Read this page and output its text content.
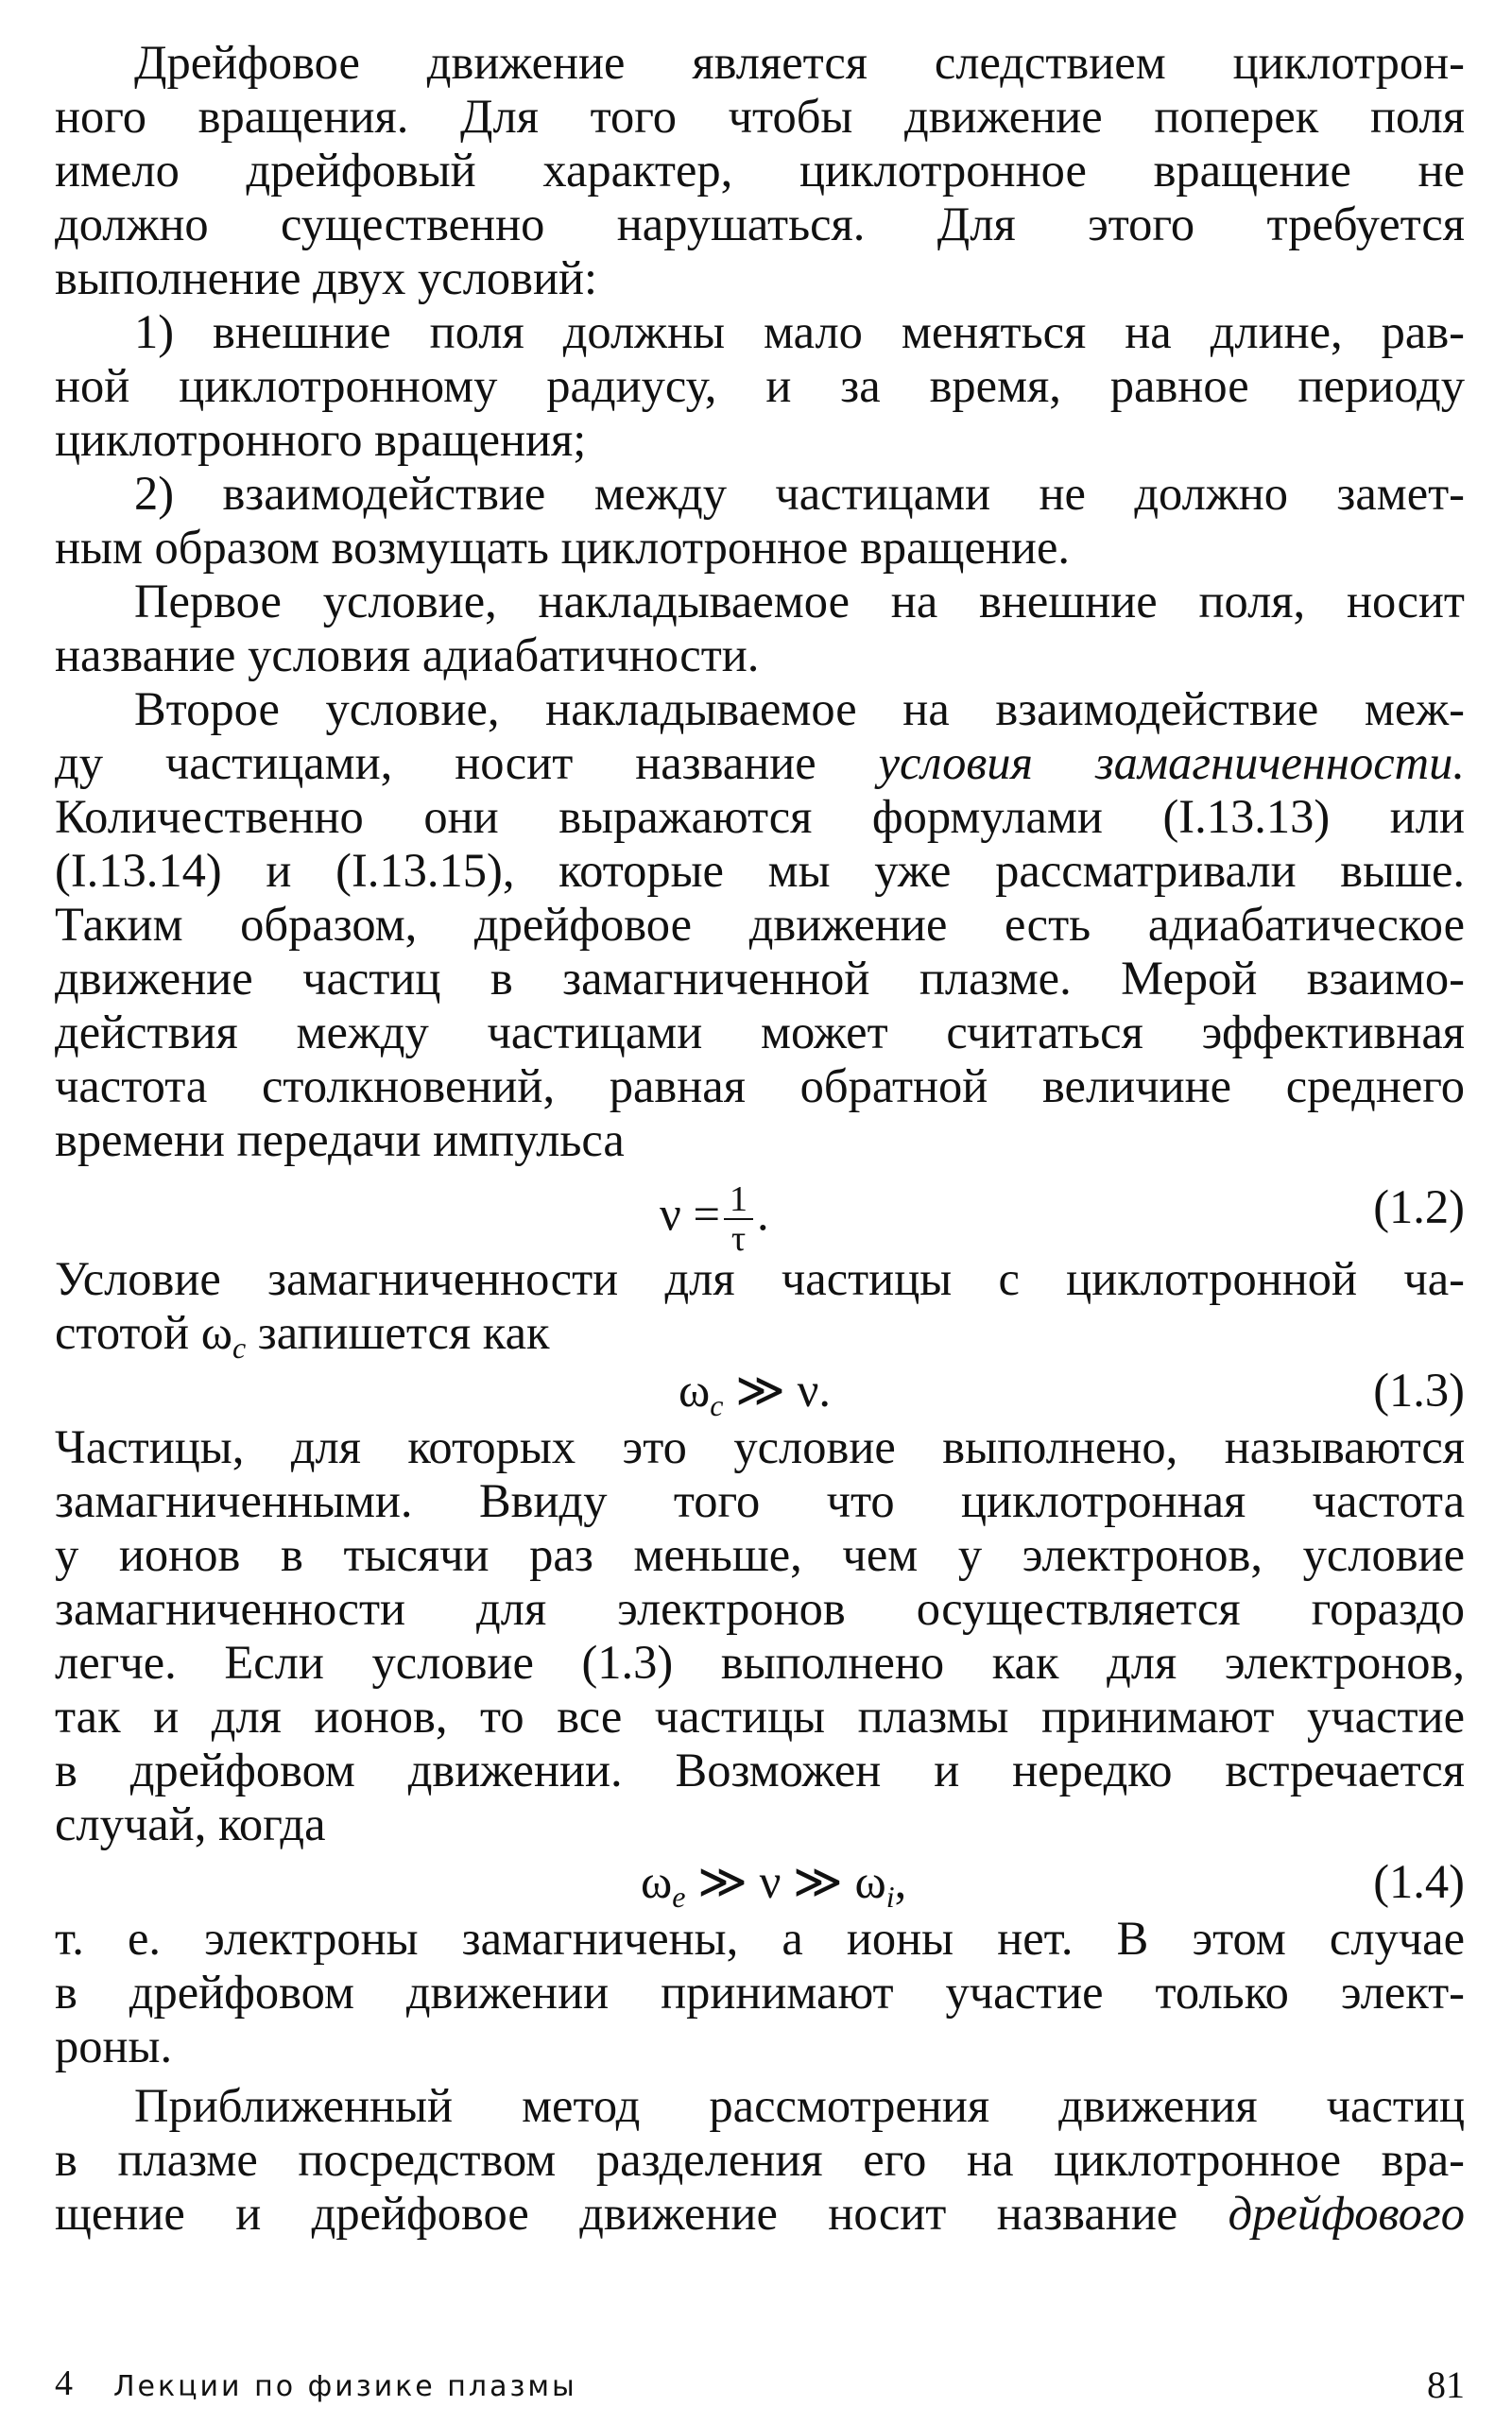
Дрейфовое движение является следствием циклотрон-
ного вращения. Для того чтобы движение поперек поля
имело дрейфовый характер, циклотронное вращение не
должно существенно нарушаться. Для этого требуется
выполнение двух условий:
1) внешние поля должны мало меняться на длине, рав-
ной циклотронному радиусу, и за время, равное периоду
циклотронного вращения;
2) взаимодействие между частицами не должно замет-
ным образом возмущать циклотронное вращение.
Первое условие, накладываемое на внешние поля, носит
название условия адиабатичности.
Второе условие, накладываемое на взаимодействие меж-
ду частицами, носит название условия замагниченности.
Количественно они выражаются формулами (I.13.13) или
(I.13.14) и (I.13.15), которые мы уже рассматривали выше.
Таким образом, дрейфовое движение есть адиабатическое
движение частиц в замагниченной плазме. Мерой взаимо-
действия между частицами может считаться эффективная
частота столкновений, равная обратной величине среднего
времени передачи импульса
$\nu = \frac{1}{\tau}$ .	(1.2)
Условие замагниченности для частицы с циклотронной ча-
стотой $\omega_c$ запишется как
$\omega_c$ ≫ ν.	(1.3)
Частицы, для которых это условие выполнено, называются
замагниченными. Ввиду того что циклотронная частота
у ионов в тысячи раз меньше, чем у электронов, условие
замагниченности для электронов осуществляется гораздо
легче. Если условие (1.3) выполнено как для электронов,
так и для ионов, то все частицы плазмы принимают участие
в дрейфовом движении. Возможен и нередко встречается
случай, когда
$\omega_e$ ≫ ν ≫ $\omega_i$,	(1.4)
т. е. электроны замагничены, а ионы нет. В этом случае
в дрейфовом движении принимают участие только элект-
роны.
Приближенный метод рассмотрения движения частиц
в плазме посредством разделения его на циклотронное вра-
щение и дрейфовое движение носит название дрейфового
4 Лекции по физике плазмы	81
